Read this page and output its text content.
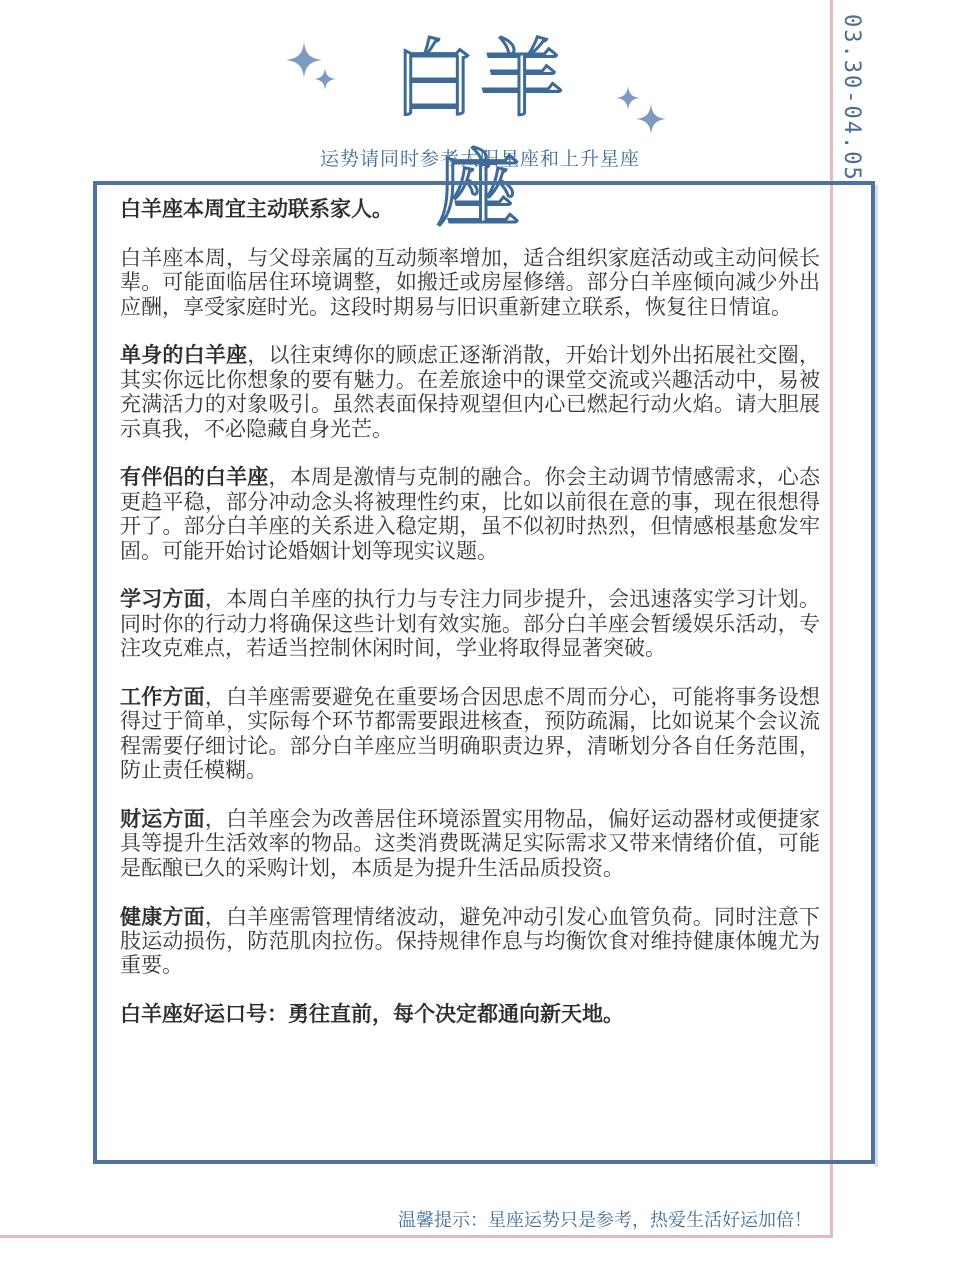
03.30-04.05
白羊座
运势请同时参考太阳星座和上升星座

白羊座本周宜主动联系家人。

白羊座本周，与父母亲属的互动频率增加，适合组织家庭活动或主动问候长辈。可能面临居住环境调整，如搬迁或房屋修缮。部分白羊座倾向减少外出应酬，享受家庭时光。这段时期易与旧识重新建立联系，恢复往日情谊。

单身的白羊座，以往束缚你的顾虑正逐渐消散，开始计划外出拓展社交圈，其实你远比你想象的要有魅力。在差旅途中的课堂交流或兴趣活动中，易被充满活力的对象吸引。虽然表面保持观望但内心已燃起行动火焰。请大胆展示真我，不必隐藏自身光芒。

有伴侣的白羊座，本周是激情与克制的融合。你会主动调节情感需求，心态更趋平稳，部分冲动念头将被理性约束，比如以前很在意的事，现在很想得开了。部分白羊座的关系进入稳定期，虽不似初时热烈，但情感根基愈发牢固。可能开始讨论婚姻计划等现实议题。

学习方面，本周白羊座的执行力与专注力同步提升，会迅速落实学习计划。同时你的行动力将确保这些计划有效实施。部分白羊座会暂缓娱乐活动，专注攻克难点，若适当控制休闲时间，学业将取得显著突破。

工作方面，白羊座需要避免在重要场合因思虑不周而分心，可能将事务设想得过于简单，实际每个环节都需要跟进核查，预防疏漏，比如说某个会议流程需要仔细讨论。部分白羊座应当明确职责边界，清晰划分各自任务范围，防止责任模糊。

财运方面，白羊座会为改善居住环境添置实用物品，偏好运动器材或便捷家具等提升生活效率的物品。这类消费既满足实际需求又带来情绪价值，可能是酝酿已久的采购计划，本质是为提升生活品质投资。

健康方面，白羊座需管理情绪波动，避免冲动引发心血管负荷。同时注意下肢运动损伤，防范肌肉拉伤。保持规律作息与均衡饮食对维持健康体魄尤为重要。

白羊座好运口号：勇往直前，每个决定都通向新天地。

温馨提示：星座运势只是参考，热爱生活好运加倍！
